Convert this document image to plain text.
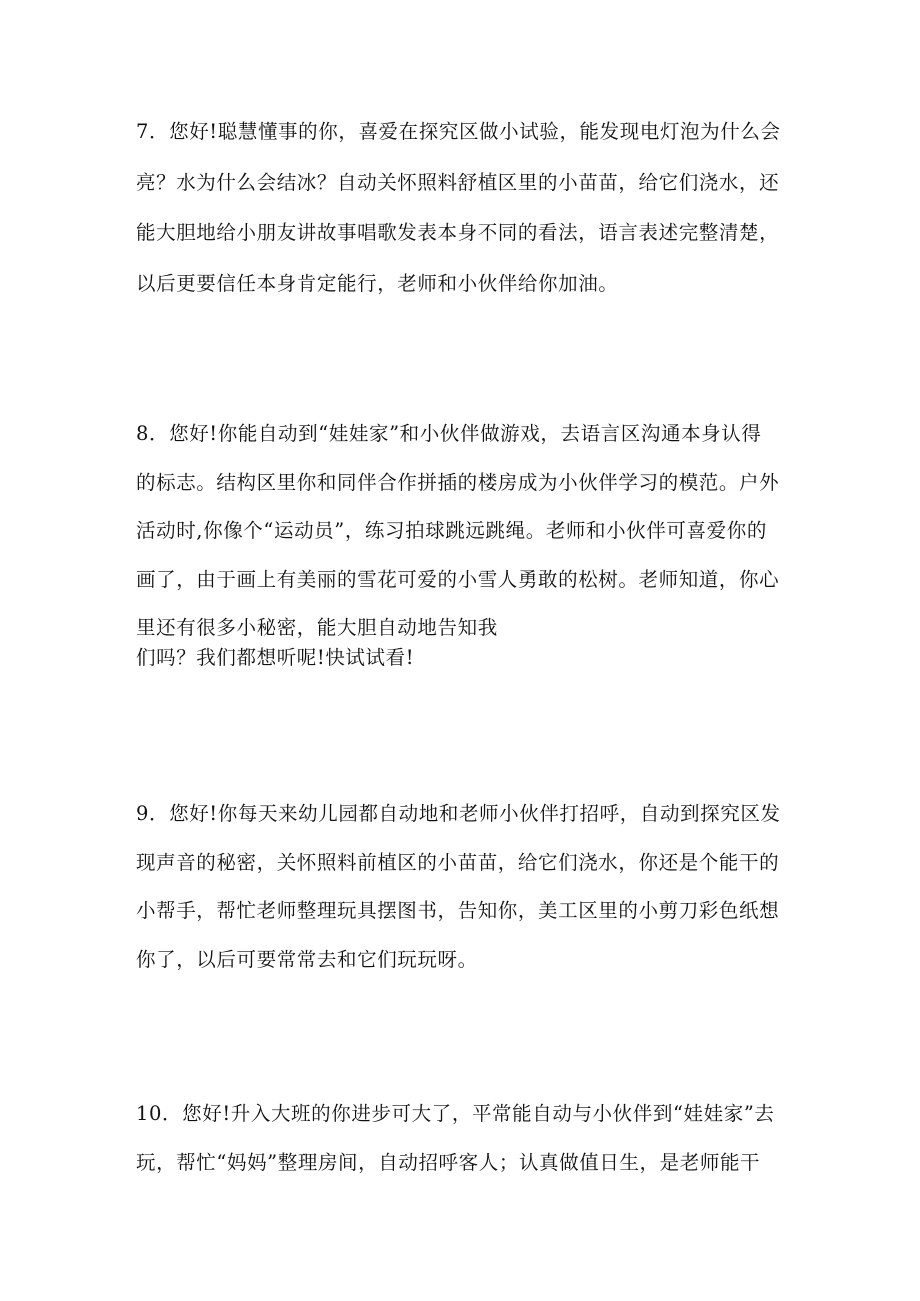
7．您好!聪慧懂事的你，喜爱在探究区做小试验，能发现电灯泡为什么会
亮？水为什么会结冰？自动关怀照料舒植区里的小苗苗，给它们浇水，还
能大胆地给小朋友讲故事唱歌发表本身不同的看法，语言表述完整清楚，
以后更要信任本身肯定能行，老师和小伙伴给你加油。

8．您好!你能自动到“娃娃家”和小伙伴做游戏，去语言区沟通本身认得
的标志。结构区里你和同伴合作拼插的楼房成为小伙伴学习的模范。户外
活动时,你像个“运动员”，练习拍球跳远跳绳。老师和小伙伴可喜爱你的
画了，由于画上有美丽的雪花可爱的小雪人勇敢的松树。老师知道，你心
里还有很多小秘密，能大胆自动地告知我
们吗？我们都想听呢!快试试看!

9．您好!你每天来幼儿园都自动地和老师小伙伴打招呼，自动到探究区发
现声音的秘密，关怀照料前植区的小苗苗，给它们浇水，你还是个能干的
小帮手，帮忙老师整理玩具摆图书，告知你，美工区里的小剪刀彩色纸想
你了，以后可要常常去和它们玩玩呀。

10．您好!升入大班的你进步可大了，平常能自动与小伙伴到“娃娃家”去
玩，帮忙“妈妈”整理房间，自动招呼客人；认真做值日生，是老师能干
